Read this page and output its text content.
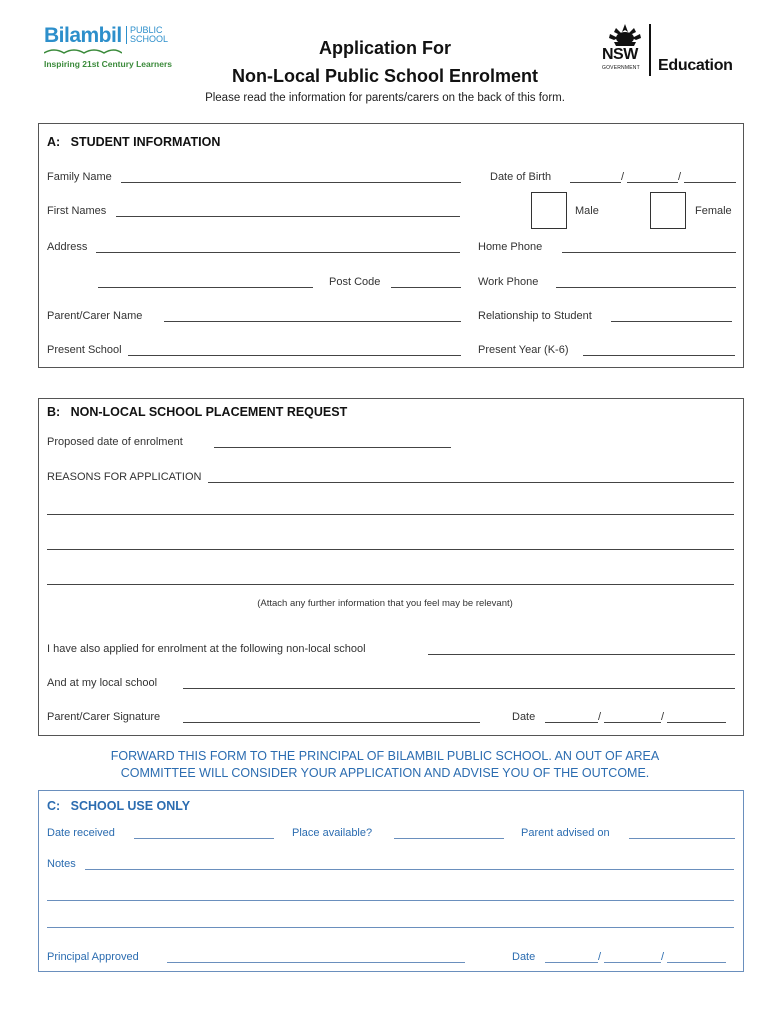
Bilambil PUBLIC
SCHOOL
Inspiring 21st Century Learners
Application For
Non-Local Public School Enrolment
Please read the information for parents/carers on the back of this form.
NSW
GOVERNMENT Education
A:   STUDENT INFORMATION
Family Name	Date of Birth	/	/
First Names	Male	Female
Address	Home Phone
Post Code	Work Phone
Parent/Carer Name	Relationship to Student
Present School	Present Year (K-6)
B:   NON-LOCAL SCHOOL PLACEMENT REQUEST
Proposed date of enrolment
REASONS FOR APPLICATION
(Attach any further information that you feel may be relevant)
I have also applied for enrolment at the following non-local school
And at my local school
Parent/Carer Signature	Date	/	/
FORWARD THIS FORM TO THE PRINCIPAL OF BILAMBIL PUBLIC SCHOOL. AN OUT OF AREA
COMMITTEE WILL CONSIDER YOUR APPLICATION AND ADVISE YOU OF THE OUTCOME.
C:   SCHOOL USE ONLY
Date received	Place available?	Parent advised on
Notes
Principal Approved	Date	/	/
